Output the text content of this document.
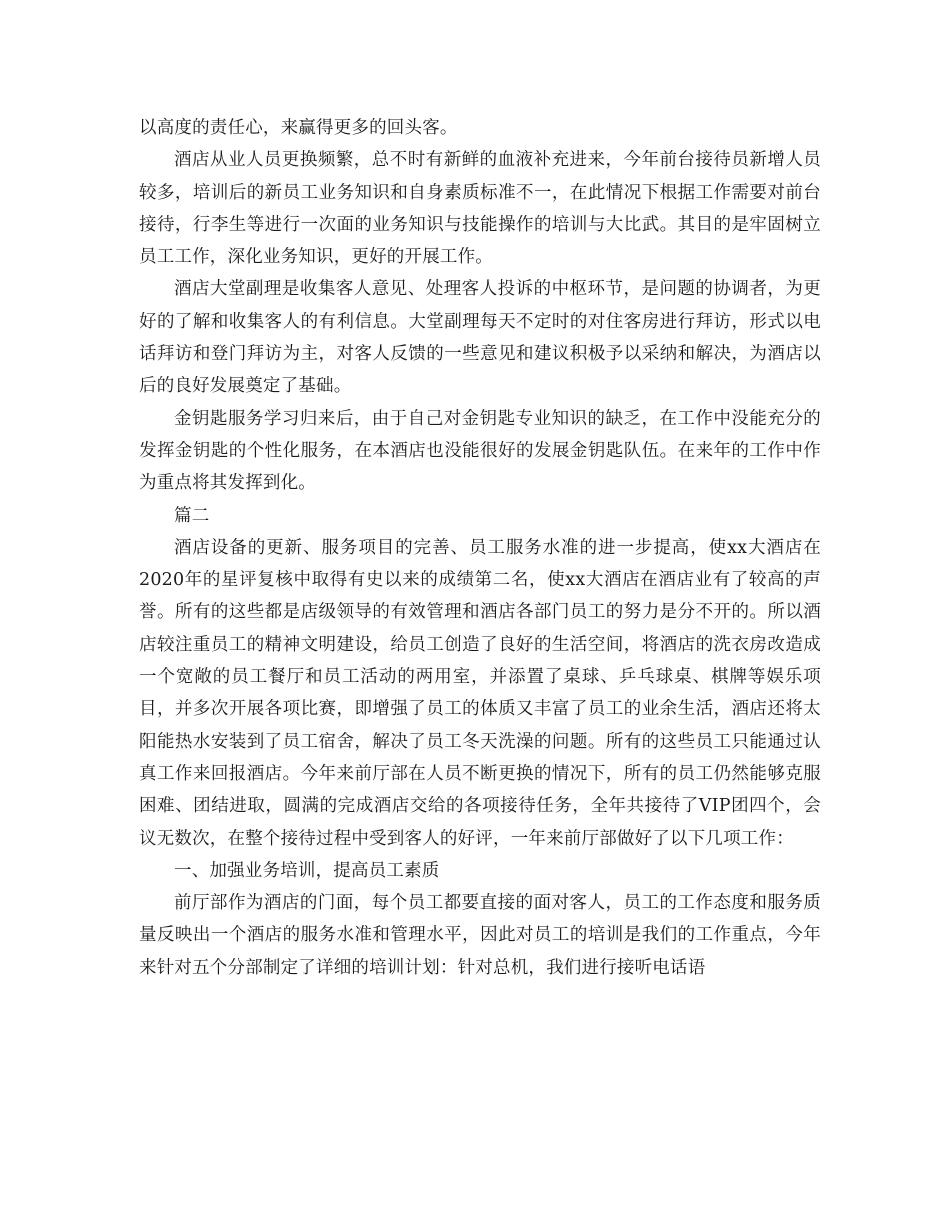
以高度的责任心，来赢得更多的回头客。

酒店从业人员更换频繁，总不时有新鲜的血液补充进来，今年前台接待员新增人员较多，培训后的新员工业务知识和自身素质标准不一，在此情况下根据工作需要对前台接待，行李生等进行一次面的业务知识与技能操作的培训与大比武。其目的是牢固树立员工工作，深化业务知识，更好的开展工作。

酒店大堂副理是收集客人意见、处理客人投诉的中枢环节，是问题的协调者，为更好的了解和收集客人的有利信息。大堂副理每天不定时的对住客房进行拜访，形式以电话拜访和登门拜访为主，对客人反馈的一些意见和建议积极予以采纳和解决，为酒店以后的良好发展奠定了基础。

金钥匙服务学习归来后，由于自己对金钥匙专业知识的缺乏，在工作中没能充分的发挥金钥匙的个性化服务，在本酒店也没能很好的发展金钥匙队伍。在来年的工作中作为重点将其发挥到化。

篇二

酒店设备的更新、服务项目的完善、员工服务水准的进一步提高，使xx大酒店在2020年的星评复核中取得有史以来的成绩第二名，使xx大酒店在酒店业有了较高的声誉。所有的这些都是店级领导的有效管理和酒店各部门员工的努力是分不开的。所以酒店较注重员工的精神文明建设，给员工创造了良好的生活空间，将酒店的洗衣房改造成一个宽敞的员工餐厅和员工活动的两用室，并添置了桌球、乒乓球桌、棋牌等娱乐项目，并多次开展各项比赛，即增强了员工的体质又丰富了员工的业余生活，酒店还将太阳能热水安装到了员工宿舍，解决了员工冬天洗澡的问题。所有的这些员工只能通过认真工作来回报酒店。今年来前厅部在人员不断更换的情况下，所有的员工仍然能够克服困难、团结进取，圆满的完成酒店交给的各项接待任务，全年共接待了VIP团四个，会议无数次，在整个接待过程中受到客人的好评，一年来前厅部做好了以下几项工作：

一、加强业务培训，提高员工素质

前厅部作为酒店的门面，每个员工都要直接的面对客人，员工的工作态度和服务质量反映出一个酒店的服务水准和管理水平，因此对员工的培训是我们的工作重点，今年来针对五个分部制定了详细的培训计划：针对总机，我们进行接听电话语
